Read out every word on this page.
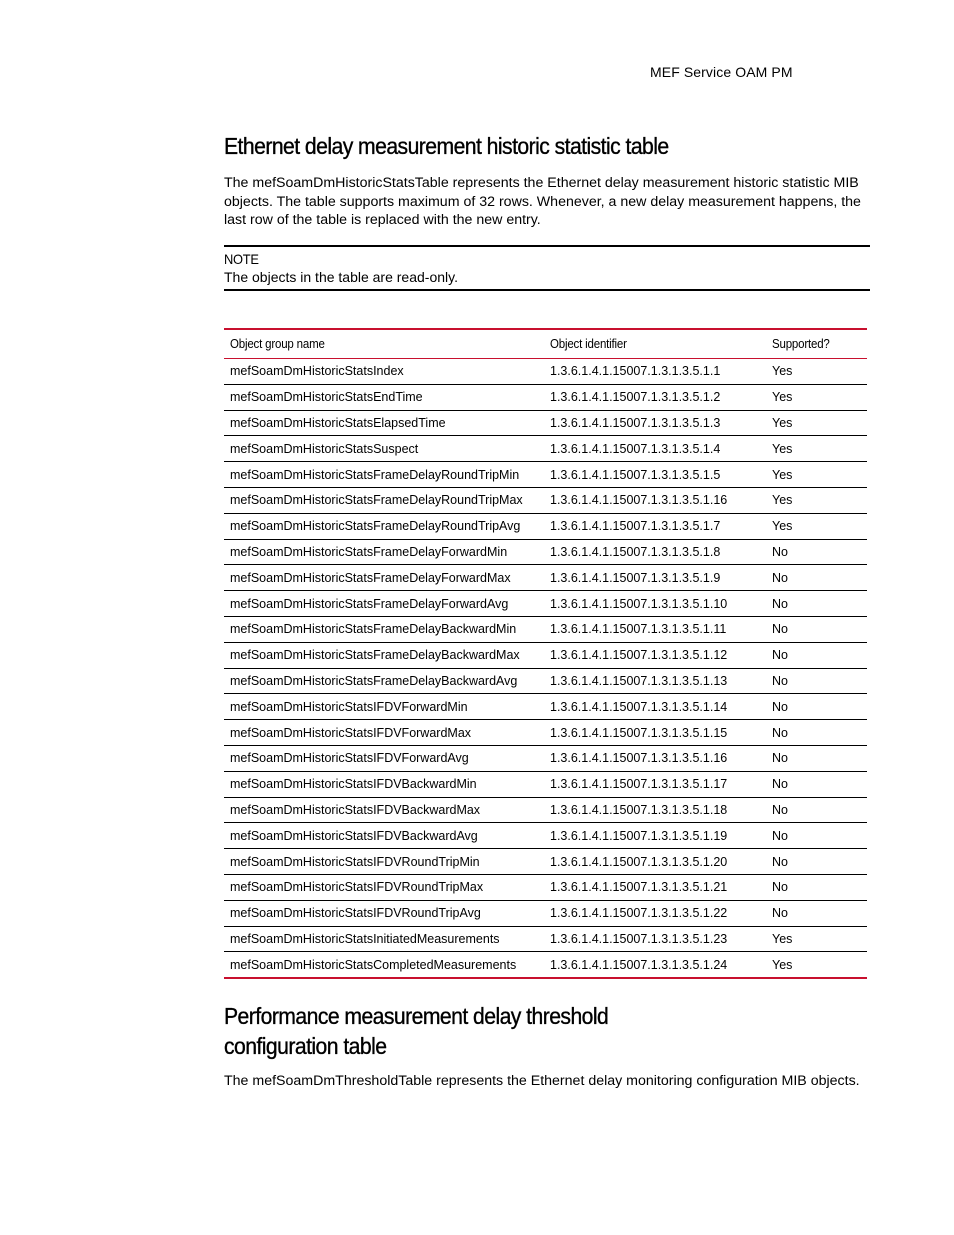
MEF Service OAM PM
Ethernet delay measurement historic statistic table

The mefSoamDmHistoricStatsTable represents the Ethernet delay measurement historic statistic MIB objects. The table supports maximum of 32 rows. Whenever, a new delay measurement happens, the last row of the table is replaced with the new entry.

NOTE
The objects in the table are read-only.
Object group name	Object identifier	Supported?
mefSoamDmHistoricStatsIndex	1.3.6.1.4.1.15007.1.3.1.3.5.1.1	Yes
mefSoamDmHistoricStatsEndTime	1.3.6.1.4.1.15007.1.3.1.3.5.1.2	Yes
mefSoamDmHistoricStatsElapsedTime	1.3.6.1.4.1.15007.1.3.1.3.5.1.3	Yes
mefSoamDmHistoricStatsSuspect	1.3.6.1.4.1.15007.1.3.1.3.5.1.4	Yes
mefSoamDmHistoricStatsFrameDelayRoundTripMin	1.3.6.1.4.1.15007.1.3.1.3.5.1.5	Yes
mefSoamDmHistoricStatsFrameDelayRoundTripMax	1.3.6.1.4.1.15007.1.3.1.3.5.1.16	Yes
mefSoamDmHistoricStatsFrameDelayRoundTripAvg	1.3.6.1.4.1.15007.1.3.1.3.5.1.7	Yes
mefSoamDmHistoricStatsFrameDelayForwardMin	1.3.6.1.4.1.15007.1.3.1.3.5.1.8	No
mefSoamDmHistoricStatsFrameDelayForwardMax	1.3.6.1.4.1.15007.1.3.1.3.5.1.9	No
mefSoamDmHistoricStatsFrameDelayForwardAvg	1.3.6.1.4.1.15007.1.3.1.3.5.1.10	No
mefSoamDmHistoricStatsFrameDelayBackwardMin	1.3.6.1.4.1.15007.1.3.1.3.5.1.11	No
mefSoamDmHistoricStatsFrameDelayBackwardMax	1.3.6.1.4.1.15007.1.3.1.3.5.1.12	No
mefSoamDmHistoricStatsFrameDelayBackwardAvg	1.3.6.1.4.1.15007.1.3.1.3.5.1.13	No
mefSoamDmHistoricStatsIFDVForwardMin	1.3.6.1.4.1.15007.1.3.1.3.5.1.14	No
mefSoamDmHistoricStatsIFDVForwardMax	1.3.6.1.4.1.15007.1.3.1.3.5.1.15	No
mefSoamDmHistoricStatsIFDVForwardAvg	1.3.6.1.4.1.15007.1.3.1.3.5.1.16	No
mefSoamDmHistoricStatsIFDVBackwardMin	1.3.6.1.4.1.15007.1.3.1.3.5.1.17	No
mefSoamDmHistoricStatsIFDVBackwardMax	1.3.6.1.4.1.15007.1.3.1.3.5.1.18	No
mefSoamDmHistoricStatsIFDVBackwardAvg	1.3.6.1.4.1.15007.1.3.1.3.5.1.19	No
mefSoamDmHistoricStatsIFDVRoundTripMin	1.3.6.1.4.1.15007.1.3.1.3.5.1.20	No
mefSoamDmHistoricStatsIFDVRoundTripMax	1.3.6.1.4.1.15007.1.3.1.3.5.1.21	No
mefSoamDmHistoricStatsIFDVRoundTripAvg	1.3.6.1.4.1.15007.1.3.1.3.5.1.22	No
mefSoamDmHistoricStatsInitiatedMeasurements	1.3.6.1.4.1.15007.1.3.1.3.5.1.23	Yes
mefSoamDmHistoricStatsCompletedMeasurements	1.3.6.1.4.1.15007.1.3.1.3.5.1.24	Yes
Performance measurement delay threshold
configuration table

The mefSoamDmThresholdTable represents the Ethernet delay monitoring configuration MIB objects.
